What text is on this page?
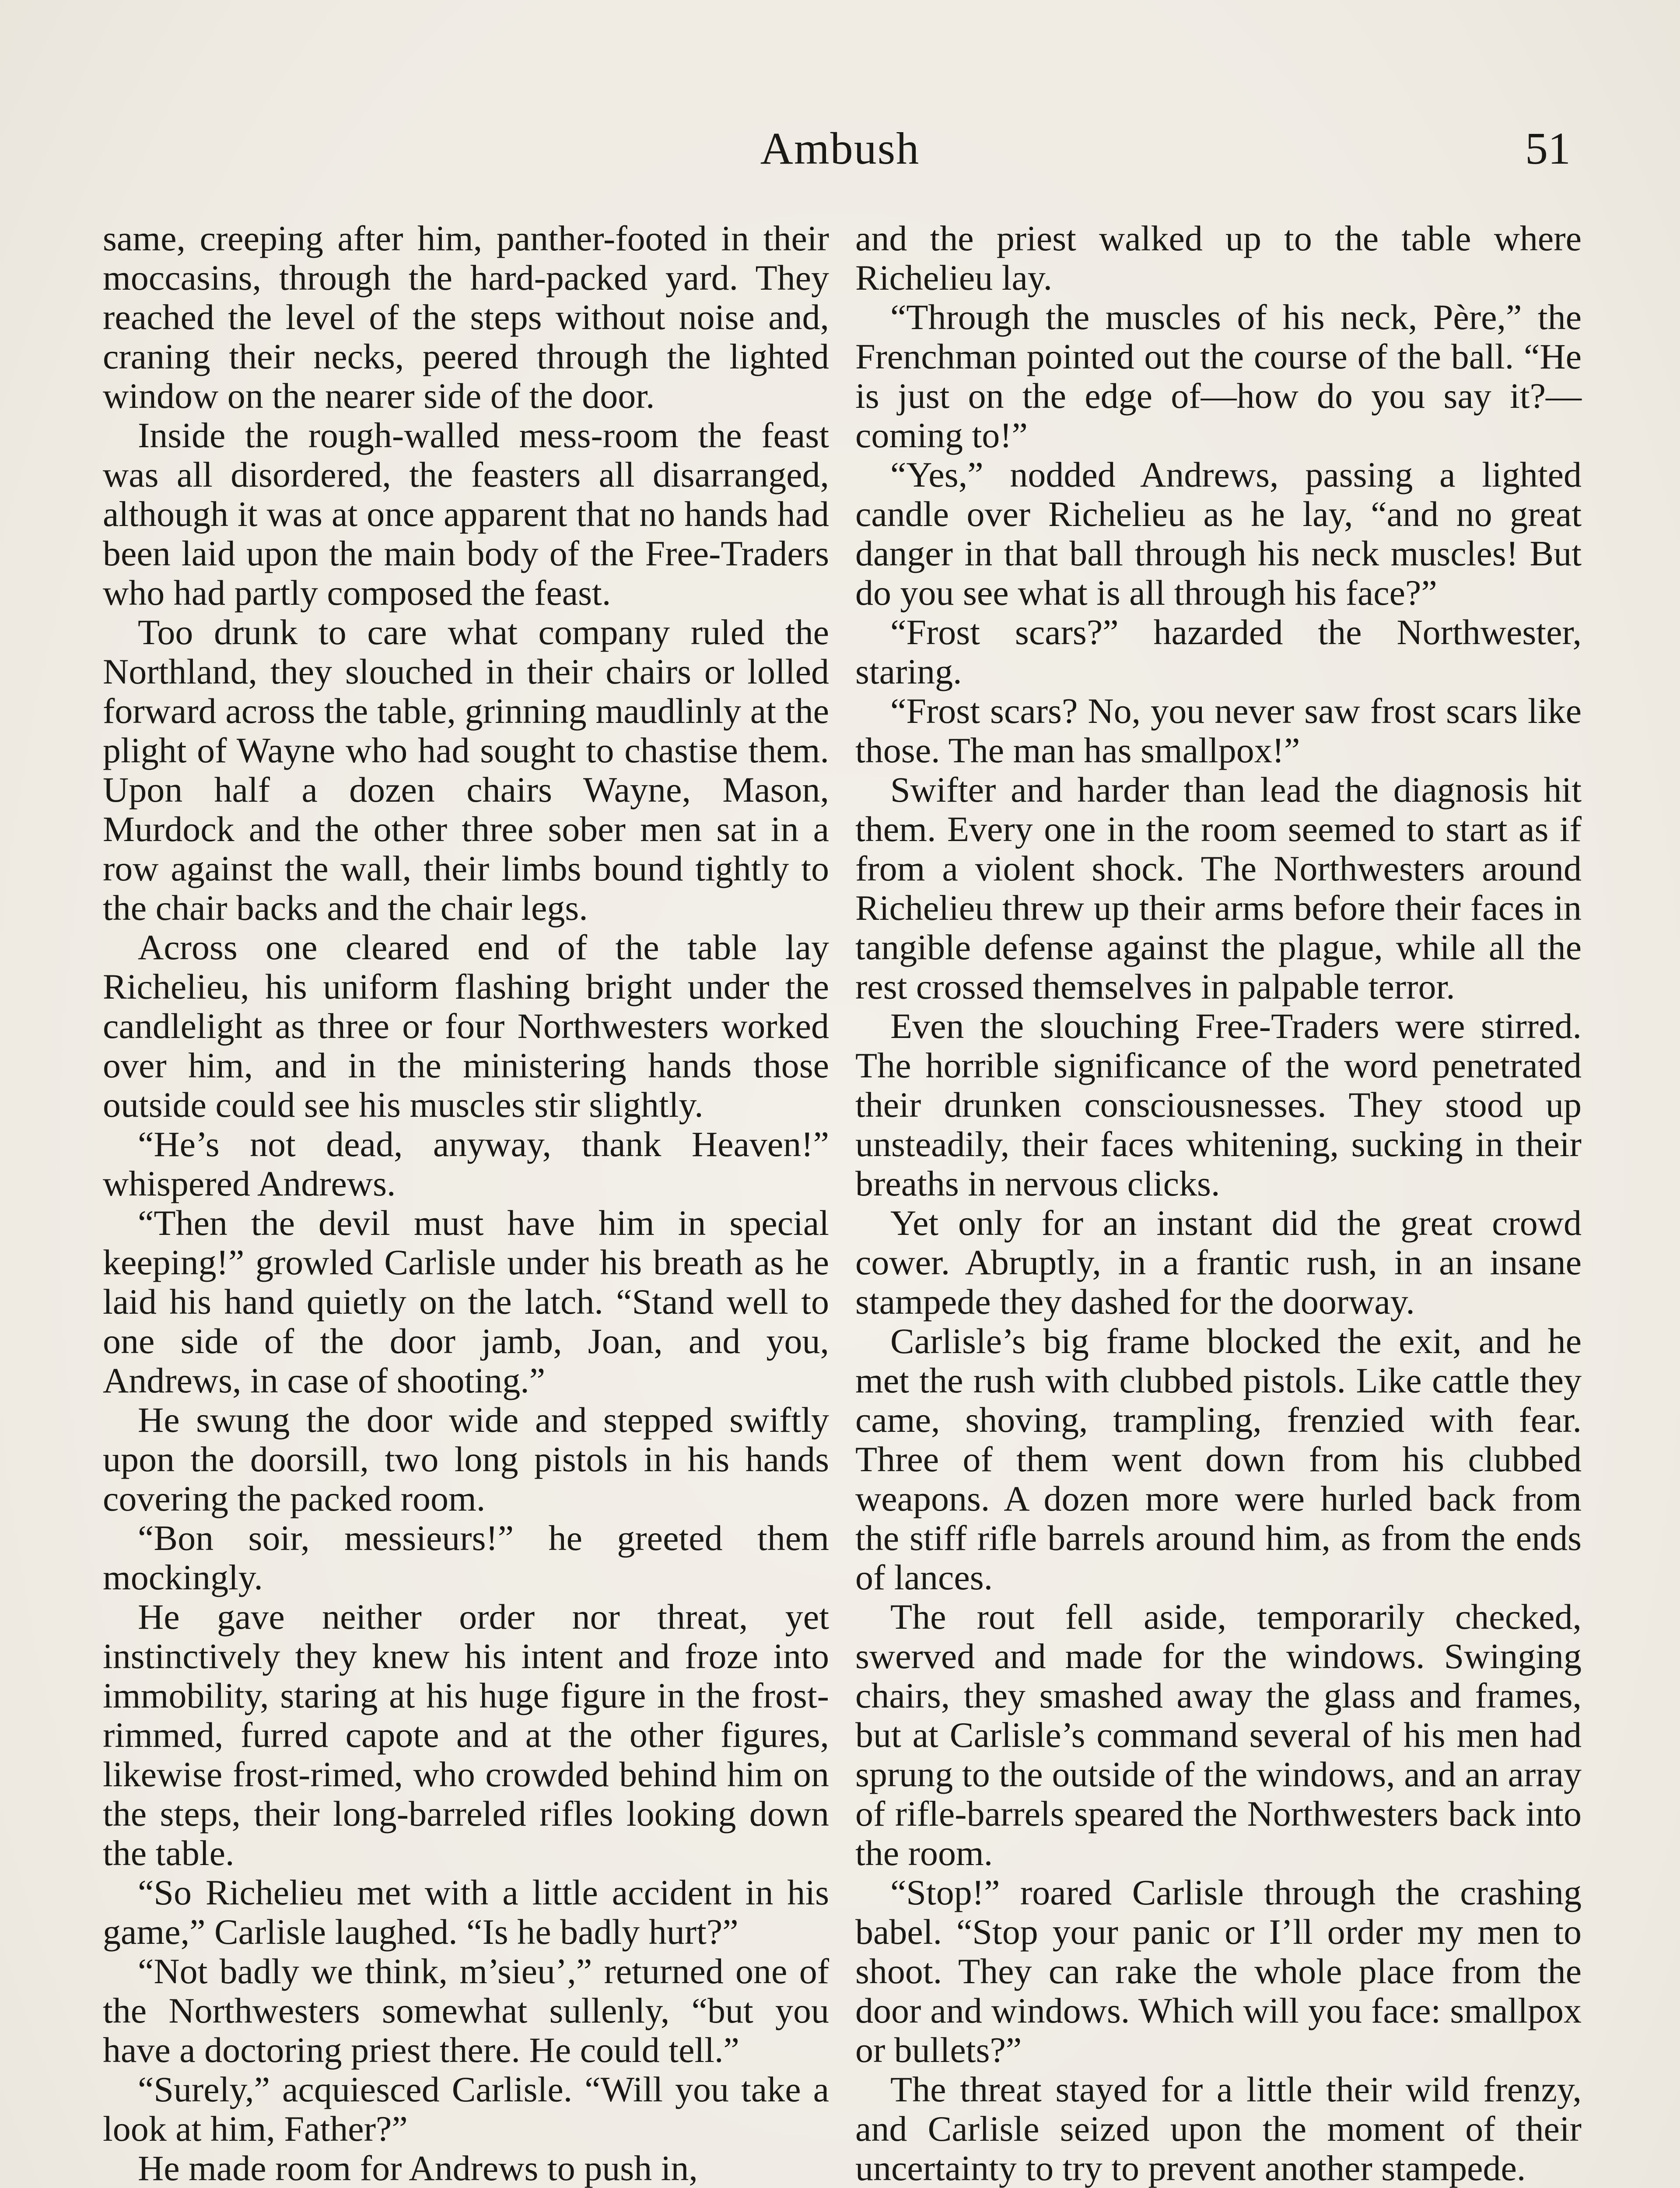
Ambush	51

same, creeping after him, panther-footed in their moccasins, through the hard-packed yard. They reached the level of the steps without noise and, craning their necks, peered through the lighted window on the nearer side of the door.

Inside the rough-walled mess-room the feast was all disordered, the feasters all disarranged, although it was at once apparent that no hands had been laid upon the main body of the Free-Traders who had partly composed the feast.

Too drunk to care what company ruled the Northland, they slouched in their chairs or lolled forward across the table, grinning maudlinly at the plight of Wayne who had sought to chastise them. Upon half a dozen chairs Wayne, Mason, Murdock and the other three sober men sat in a row against the wall, their limbs bound tightly to the chair backs and the chair legs.

Across one cleared end of the table lay Richelieu, his uniform flashing bright under the candlelight as three or four Northwesters worked over him, and in the ministering hands those outside could see his muscles stir slightly.

“He’s not dead, anyway, thank Heaven!” whispered Andrews.

“Then the devil must have him in special keeping!” growled Carlisle under his breath as he laid his hand quietly on the latch. “Stand well to one side of the door jamb, Joan, and you, Andrews, in case of shooting.”

He swung the door wide and stepped swiftly upon the doorsill, two long pistols in his hands covering the packed room.

“Bon soir, messieurs!” he greeted them mockingly.

He gave neither order nor threat, yet instinctively they knew his intent and froze into immobility, staring at his huge figure in the frost-rimmed, furred capote and at the other figures, likewise frost-rimed, who crowded behind him on the steps, their long-barreled rifles looking down the table.

“So Richelieu met with a little accident in his game,” Carlisle laughed. “Is he badly hurt?”

“Not badly we think, m’sieu’,” returned one of the Northwesters somewhat sullenly, “but you have a doctoring priest there. He could tell.”

“Surely,” acquiesced Carlisle. “Will you take a look at him, Father?”

He made room for Andrews to push in,

and the priest walked up to the table where Richelieu lay.

“Through the muscles of his neck, Père,” the Frenchman pointed out the course of the ball. “He is just on the edge of—how do you say it?—coming to!”

“Yes,” nodded Andrews, passing a lighted candle over Richelieu as he lay, “and no great danger in that ball through his neck muscles! But do you see what is all through his face?”

“Frost scars?” hazarded the Northwester, staring.

“Frost scars? No, you never saw frost scars like those. The man has smallpox!”

Swifter and harder than lead the diagnosis hit them. Every one in the room seemed to start as if from a violent shock. The Northwesters around Richelieu threw up their arms before their faces in tangible defense against the plague, while all the rest crossed themselves in palpable terror.

Even the slouching Free-Traders were stirred. The horrible significance of the word penetrated their drunken consciousnesses. They stood up unsteadily, their faces whitening, sucking in their breaths in nervous clicks.

Yet only for an instant did the great crowd cower. Abruptly, in a frantic rush, in an insane stampede they dashed for the doorway.

Carlisle’s big frame blocked the exit, and he met the rush with clubbed pistols. Like cattle they came, shoving, trampling, frenzied with fear. Three of them went down from his clubbed weapons. A dozen more were hurled back from the stiff rifle barrels around him, as from the ends of lances.

The rout fell aside, temporarily checked, swerved and made for the windows. Swinging chairs, they smashed away the glass and frames, but at Carlisle’s command several of his men had sprung to the outside of the windows, and an array of rifle-barrels speared the Northwesters back into the room.

“Stop!” roared Carlisle through the crashing babel. “Stop your panic or I’ll order my men to shoot. They can rake the whole place from the door and windows. Which will you face: smallpox or bullets?”

The threat stayed for a little their wild frenzy, and Carlisle seized upon the moment of their uncertainty to try to prevent another stampede.
